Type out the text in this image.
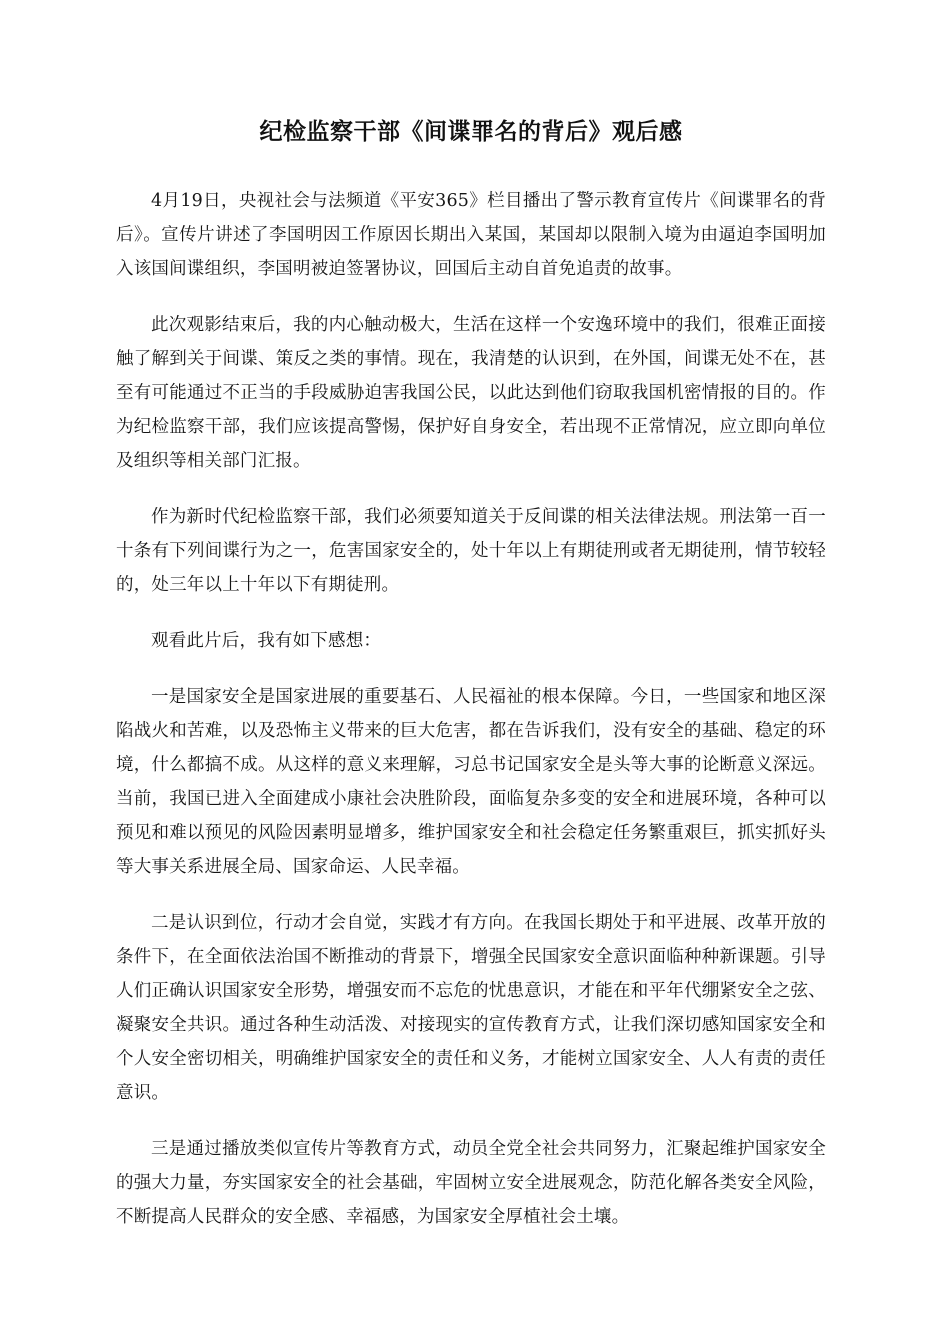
纪检监察干部《间谍罪名的背后》观后感

4月19日，央视社会与法频道《平安365》栏目播出了警示教育宣传片《间谍罪名的背后》。宣传片讲述了李国明因工作原因长期出入某国，某国却以限制入境为由逼迫李国明加入该国间谍组织，李国明被迫签署协议，回国后主动自首免追责的故事。

此次观影结束后，我的内心触动极大，生活在这样一个安逸环境中的我们，很难正面接触了解到关于间谍、策反之类的事情。现在，我清楚的认识到，在外国，间谍无处不在，甚至有可能通过不正当的手段威胁迫害我国公民，以此达到他们窃取我国机密情报的目的。作为纪检监察干部，我们应该提高警惕，保护好自身安全，若出现不正常情况，应立即向单位及组织等相关部门汇报。

作为新时代纪检监察干部，我们必须要知道关于反间谍的相关法律法规。刑法第一百一十条有下列间谍行为之一，危害国家安全的，处十年以上有期徒刑或者无期徒刑，情节较轻的，处三年以上十年以下有期徒刑。

观看此片后，我有如下感想：

一是国家安全是国家进展的重要基石、人民福祉的根本保障。今日，一些国家和地区深陷战火和苦难，以及恐怖主义带来的巨大危害，都在告诉我们，没有安全的基础、稳定的环境，什么都搞不成。从这样的意义来理解，习总书记国家安全是头等大事的论断意义深远。当前，我国已进入全面建成小康社会决胜阶段，面临复杂多变的安全和进展环境，各种可以预见和难以预见的风险因素明显增多，维护国家安全和社会稳定任务繁重艰巨，抓实抓好头等大事关系进展全局、国家命运、人民幸福。

二是认识到位，行动才会自觉，实践才有方向。在我国长期处于和平进展、改革开放的条件下，在全面依法治国不断推动的背景下，增强全民国家安全意识面临种种新课题。引导人们正确认识国家安全形势，增强安而不忘危的忧患意识，才能在和平年代绷紧安全之弦、凝聚安全共识。通过各种生动活泼、对接现实的宣传教育方式，让我们深切感知国家安全和个人安全密切相关，明确维护国家安全的责任和义务，才能树立国家安全、人人有责的责任意识。

三是通过播放类似宣传片等教育方式，动员全党全社会共同努力，汇聚起维护国家安全的强大力量，夯实国家安全的社会基础，牢固树立安全进展观念，防范化解各类安全风险，不断提高人民群众的安全感、幸福感，为国家安全厚植社会土壤。
